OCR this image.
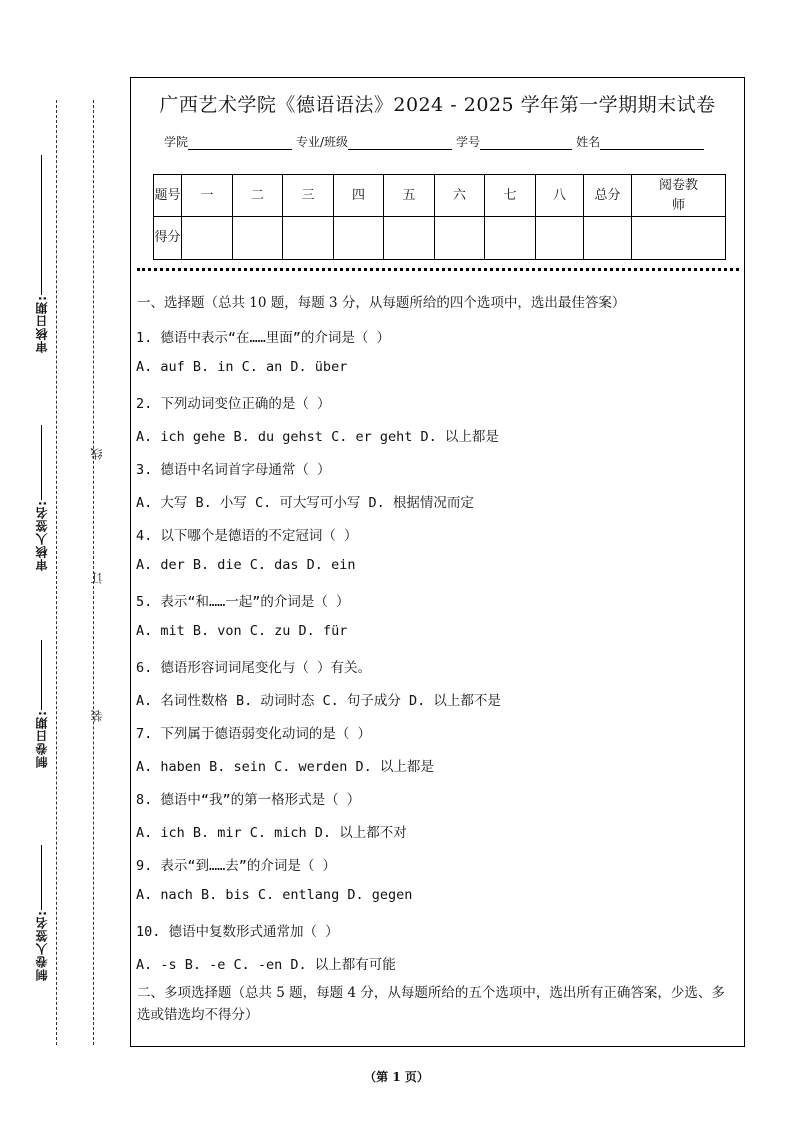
审核日期:
审核人签名:
制卷日期:
制卷人签名:
线
订
装
广西艺术学院《德语语法》2024 - 2025 学年第一学期期末试卷
学院	专业/班级	学号	姓名
题号	一	二	三	四	五	六	七	八	总分	阅卷教师
得分										
一、选择题（总共 10 题，每题 3 分，从每题所给的四个选项中，选出最佳答案）
1. 德语中表示“在……里面”的介词是（ ）
A. auf B. in C. an D. über
2. 下列动词变位正确的是（ ）
A. ich gehe B. du gehst C. er geht D. 以上都是
3. 德语中名词首字母通常（ ）
A. 大写 B. 小写 C. 可大写可小写 D. 根据情况而定
4. 以下哪个是德语的不定冠词（ ）
A. der B. die C. das D. ein
5. 表示“和……一起”的介词是（ ）
A. mit B. von C. zu D. für
6. 德语形容词词尾变化与（ ）有关。
A. 名词性数格 B. 动词时态 C. 句子成分 D. 以上都不是
7. 下列属于德语弱变化动词的是（ ）
A. haben B. sein C. werden D. 以上都是
8. 德语中“我”的第一格形式是（ ）
A. ich B. mir C. mich D. 以上都不对
9. 表示“到……去”的介词是（ ）
A. nach B. bis C. entlang D. gegen
10. 德语中复数形式通常加（ ）
A. -s B. -e C. -en D. 以上都有可能
二、多项选择题（总共 5 题，每题 4 分，从每题所给的五个选项中，选出所有正确答案，少选、多选或错选均不得分）
（第 1 页）
